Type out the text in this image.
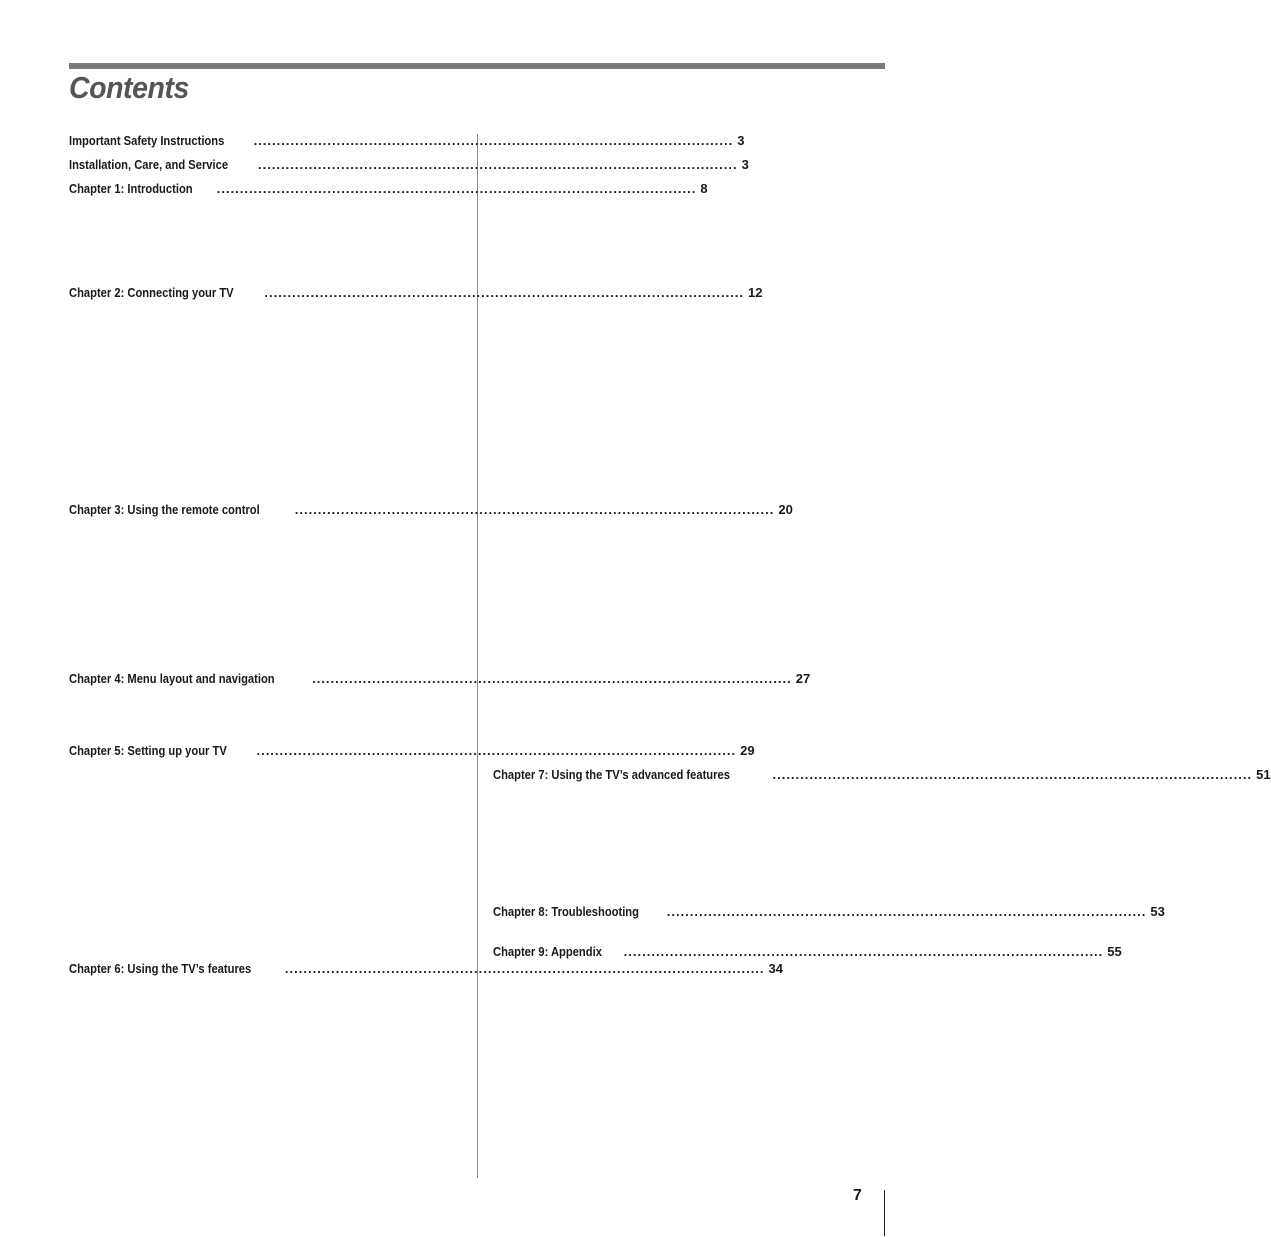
Contents
Important Safety Instructions ........................................................................................................ 3
Installation, Care, and Service ........................................................................................................ 3
Chapter 1: Introduction ........................................................................................................ 8
Chapter 2: Connecting your TV ........................................................................................................ 12
Chapter 3: Using the remote control	........................................................................................................ 20
Chapter 4: Menu layout and navigation	........................................................................................................ 27
Chapter 5: Setting up your TV ........................................................................................................ 29
Chapter 6: Using the TV’s features	........................................................................................................ 34
Chapter 7: Using the TV’s advanced features	........................................................................................................ 51
Chapter 8: Troubleshooting ........................................................................................................ 53
Chapter 9: Appendix ........................................................................................................ 55
7
